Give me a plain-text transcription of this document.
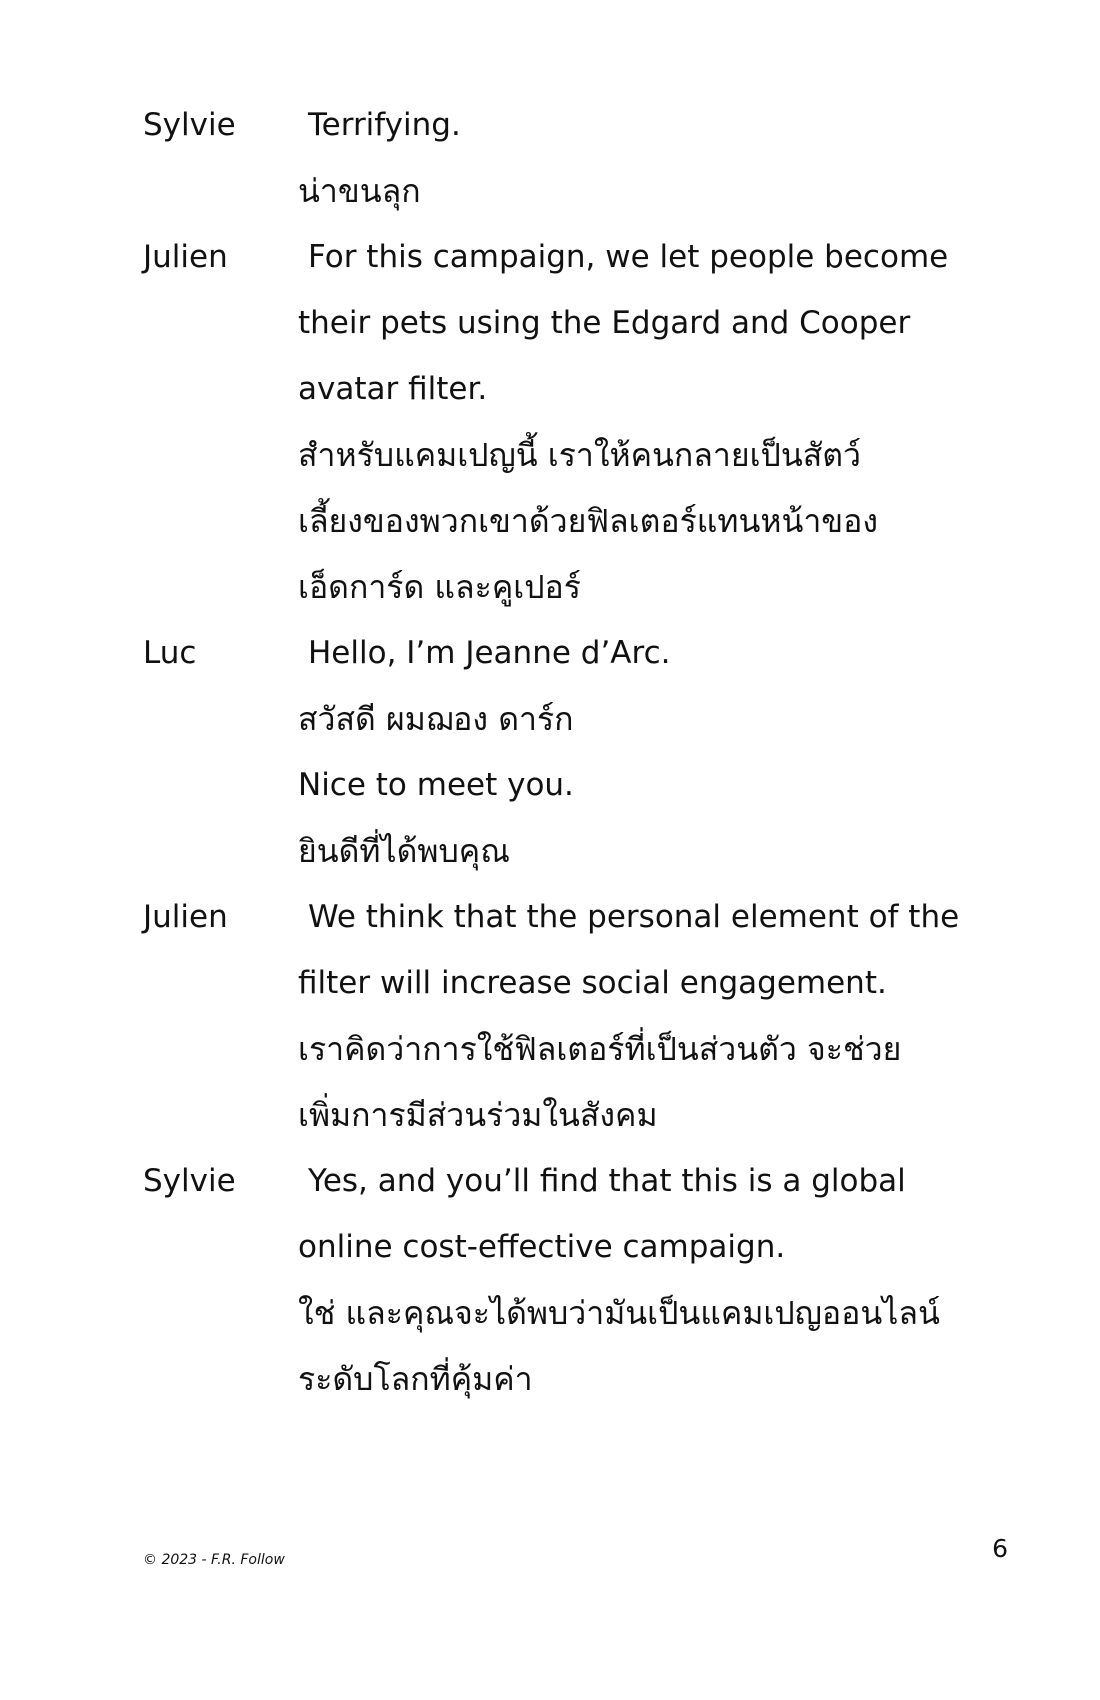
Sylvie	Terrifying.
น่าขนลุก
Julien	For this campaign, we let people become
their pets using the Edgard and Cooper
avatar filter.
สำหรับแคมเปญนี้ เราให้คนกลายเป็นสัตว์
เลี้ยงของพวกเขาด้วยฟิลเตอร์แทนหน้าของ
เอ็ดการ์ด และคูเปอร์
Luc	Hello, I’m Jeanne d’Arc.
สวัสดี ผมฌอง ดาร์ก
Nice to meet you.
ยินดีที่ได้พบคุณ
Julien	We think that the personal element of the
filter will increase social engagement.
เราคิดว่าการใช้ฟิลเตอร์ที่เป็นส่วนตัว จะช่วย
เพิ่มการมีส่วนร่วมในสังคม
Sylvie	Yes, and you’ll find that this is a global
online cost-effective campaign.
ใช่ และคุณจะได้พบว่ามันเป็นแคมเปญออนไลน์
ระดับโลกที่คุ้มค่า
© 2023 - F.R. Follow	6
